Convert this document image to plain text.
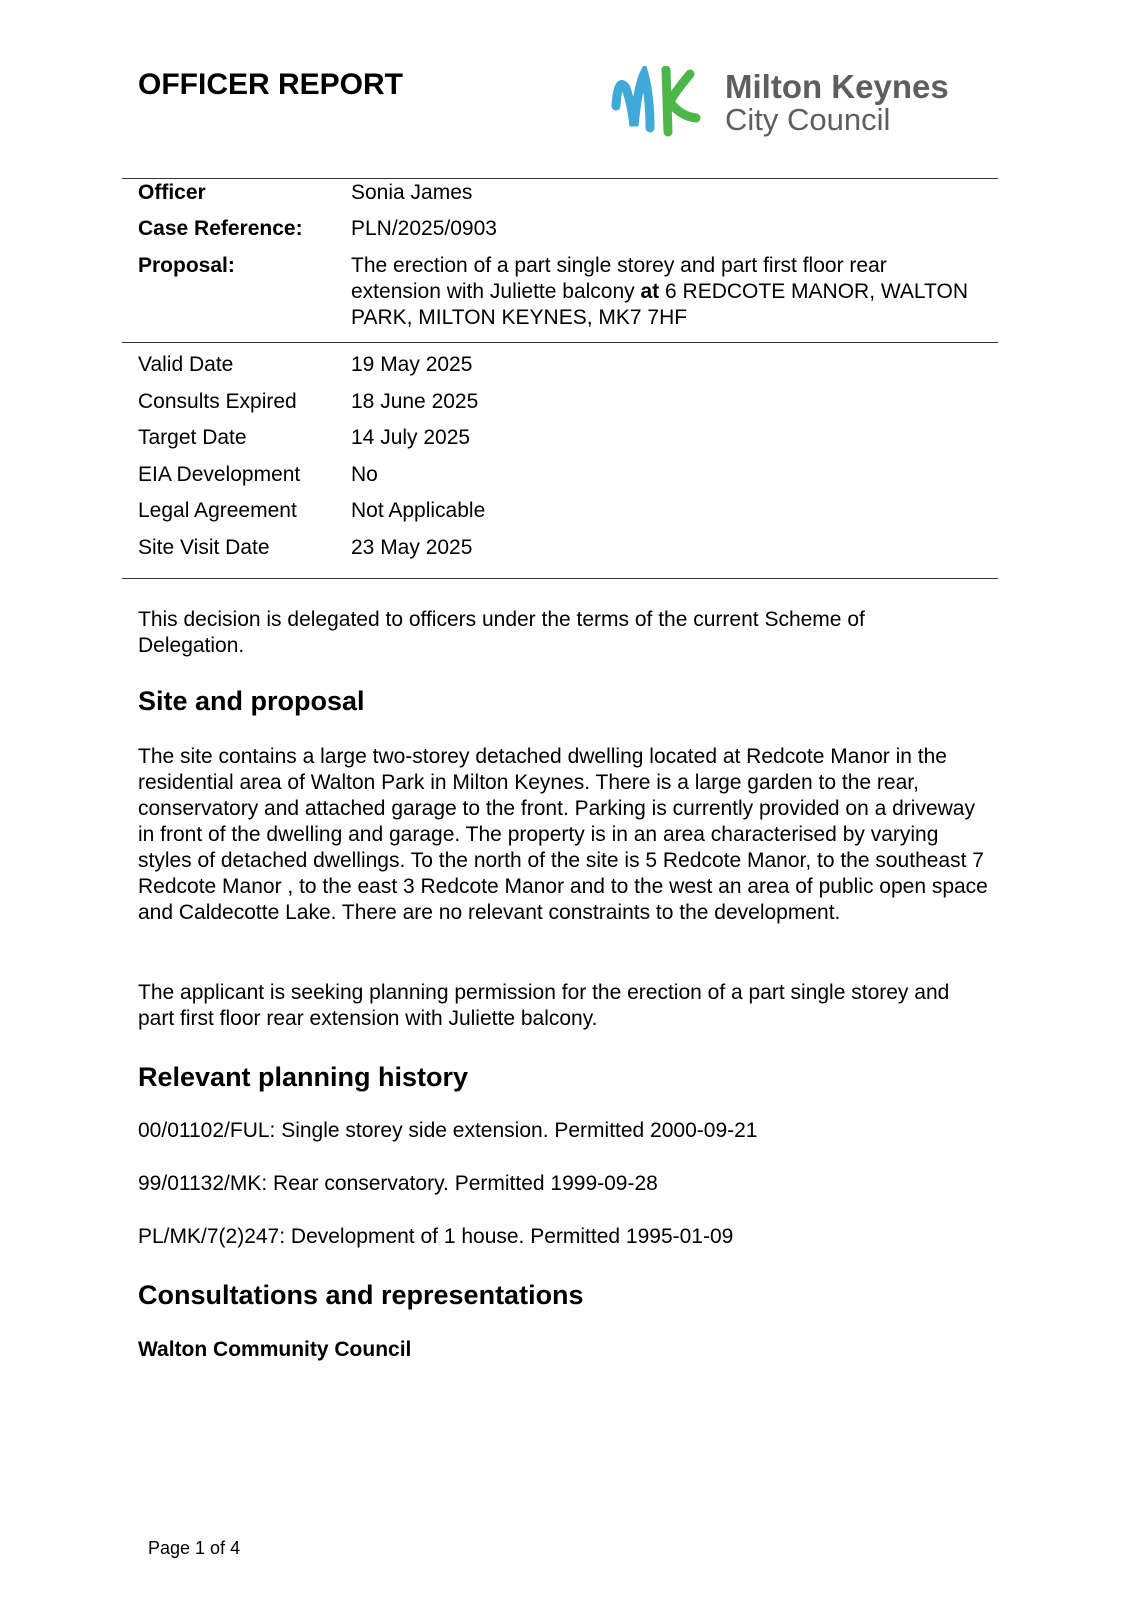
OFFICER REPORT	Milton Keynes
City Council
Officer	Sonia James
Case Reference:	PLN/2025/0903
Proposal:	The erection of a part single storey and part first floor rear extension with Juliette balcony at 6 REDCOTE MANOR, WALTON PARK, MILTON KEYNES, MK7 7HF
Valid Date	19 May 2025
Consults Expired	18 June 2025
Target Date	14 July 2025
EIA Development	No
Legal Agreement	Not Applicable
Site Visit Date	23 May 2025
This decision is delegated to officers under the terms of the current Scheme of Delegation.
Site and proposal
The site contains a large two-storey detached dwelling located at Redcote Manor in the residential area of Walton Park in Milton Keynes. There is a large garden to the rear, conservatory and attached garage to the front. Parking is currently provided on a driveway in front of the dwelling and garage. The property is in an area characterised by varying styles of detached dwellings. To the north of the site is 5 Redcote Manor, to the southeast 7 Redcote Manor , to the east 3 Redcote Manor and to the west an area of public open space and Caldecotte Lake. There are no relevant constraints to the development.
The applicant is seeking planning permission for the erection of a part single storey and part first floor rear extension with Juliette balcony.
Relevant planning history
00/01102/FUL: Single storey side extension. Permitted 2000-09-21
99/01132/MK: Rear conservatory. Permitted 1999-09-28
PL/MK/7(2)247: Development of 1 house. Permitted 1995-01-09
Consultations and representations
Walton Community Council
Page 1 of 4
